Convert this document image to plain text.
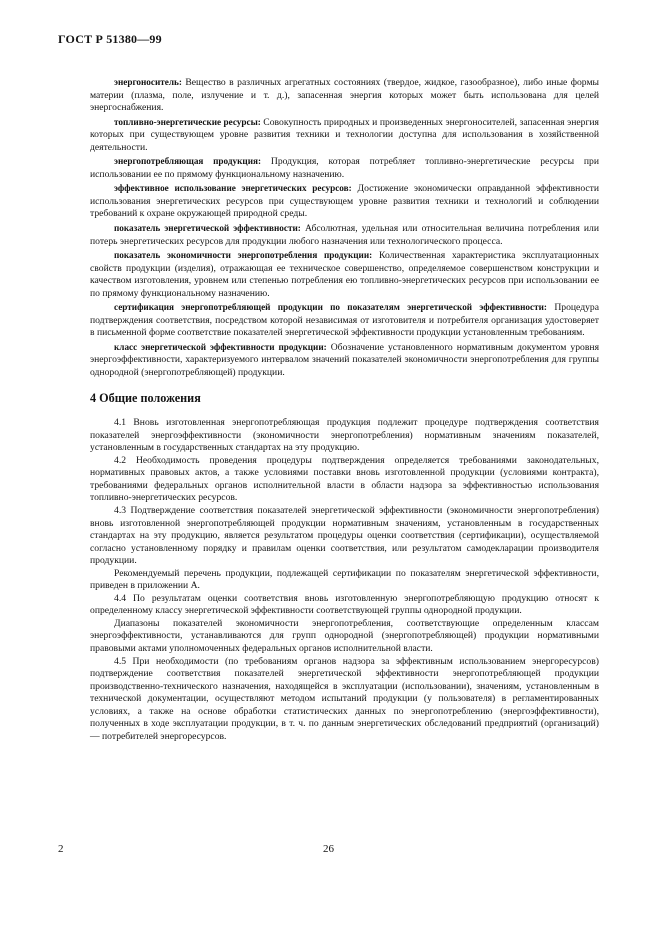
ГОСТ Р 51380—99

энергоноситель: Вещество в различных агрегатных состояниях (твердое, жидкое, газообразное), либо иные формы материи (плазма, поле, излучение и т. д.), запасенная энергия которых может быть использована для целей энергоснабжения.

топливно-энергетические ресурсы: Совокупность природных и произведенных энергоносителей, запасенная энергия которых при существующем уровне развития техники и технологии доступна для использования в хозяйственной деятельности.

энергопотребляющая продукция: Продукция, которая потребляет топливно-энергетические ресурсы при использовании ее по прямому функциональному назначению.

эффективное использование энергетических ресурсов: Достижение экономически оправданной эффективности использования энергетических ресурсов при существующем уровне развития техники и технологий и соблюдении требований к охране окружающей природной среды.

показатель энергетической эффективности: Абсолютная, удельная или относительная величина потребления или потерь энергетических ресурсов для продукции любого назначения или технологического процесса.

показатель экономичности энергопотребления продукции: Количественная характеристика эксплуатационных свойств продукции (изделия), отражающая ее техническое совершенство, определяемое совершенством конструкции и качеством изготовления, уровнем или степенью потребления ею топливно-энергетических ресурсов при использовании ее по прямому функциональному назначению.

сертификация энергопотребляющей продукции по показателям энергетической эффективности: Процедура подтверждения соответствия, посредством которой независимая от изготовителя и потребителя организация удостоверяет в письменной форме соответствие показателей энергетической эффективности продукции установленным требованиям.

класс энергетической эффективности продукции: Обозначение установленного нормативным документом уровня энергоэффективности, характеризуемого интервалом значений показателей экономичности энергопотребления для группы однородной (энергопотребляющей) продукции.

4 Общие положения

4.1 Вновь изготовленная энергопотребляющая продукция подлежит процедуре подтверждения соответствия показателей энергоэффективности (экономичности энергопотребления) нормативным значениям показателей, установленным в государственных стандартах на эту продукцию.

4.2 Необходимость проведения процедуры подтверждения определяется требованиями законодательных, нормативных правовых актов, а также условиями поставки вновь изготовленной продукции (условиями контракта), требованиями федеральных органов исполнительной власти в области надзора за эффективностью использования топливно-энергетических ресурсов.

4.3 Подтверждение соответствия показателей энергетической эффективности (экономичности энергопотребления) вновь изготовленной энергопотребляющей продукции нормативным значениям, установленным в государственных стандартах на эту продукцию, является результатом процедуры оценки соответствия (сертификации), осуществляемой согласно установленному порядку и правилам оценки соответствия, или результатом самодекларации производителя продукции.

Рекомендуемый перечень продукции, подлежащей сертификации по показателям энергетической эффективности, приведен в приложении А.

4.4 По результатам оценки соответствия вновь изготовленную энергопотребляющую продукцию относят к определенному классу энергетической эффективности соответствующей группы однородной продукции.

Диапазоны показателей экономичности энергопотребления, соответствующие определенным классам энергоэффективности, устанавливаются для групп однородной (энергопотребляющей) продукции нормативными правовыми актами уполномоченных федеральных органов исполнительной власти.

4.5 При необходимости (по требованиям органов надзора за эффективным использованием энергоресурсов) подтверждение соответствия показателей энергетической эффективности энергопотребляющей продукции производственно-технического назначения, находящейся в эксплуатации (использовании), значениям, установленным в технической документации, осуществляют методом испытаний продукции (у пользователя) в регламентированных условиях, а также на основе обработки статистических данных по энергопотреблению (энергоэффективности), полученных в ходе эксплуатации продукции, в т. ч. по данным энергетических обследований предприятий (организаций) — потребителей энергоресурсов.

2	26
